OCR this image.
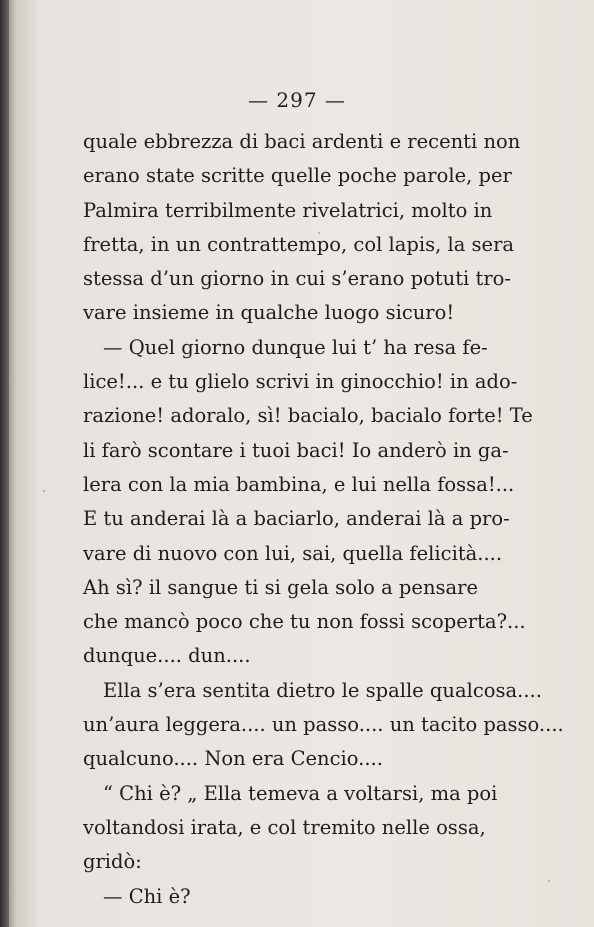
— 297 —
quale ebbrezza di baci ardenti e recenti non
erano state scritte quelle poche parole, per
Palmira terribilmente rivelatrici, molto in
fretta, in un contrattempo, col lapis, la sera
stessa d’un giorno in cui s’erano potuti tro-
vare insieme in qualche luogo sicuro!
— Quel giorno dunque lui t’ ha resa fe-
lice!... e tu glielo scrivi in ginocchio! in ado-
razione! adoralo, sì! bacialo, bacialo forte! Te
li farò scontare i tuoi baci! Io anderò in ga-
lera con la mia bambina, e lui nella fossa!...
E tu anderai là a baciarlo, anderai là a pro-
vare di nuovo con lui, sai, quella felicità....
Ah sì? il sangue ti si gela solo a pensare
che mancò poco che tu non fossi scoperta?...
dunque.... dun....
Ella s’era sentita dietro le spalle qualcosa....
un’aura leggera.... un passo.... un tacito passo....
qualcuno.... Non era Cencio....
“ Chi è? „ Ella temeva a voltarsi, ma poi
voltandosi irata, e col tremito nelle ossa,
gridò:
— Chi è?
